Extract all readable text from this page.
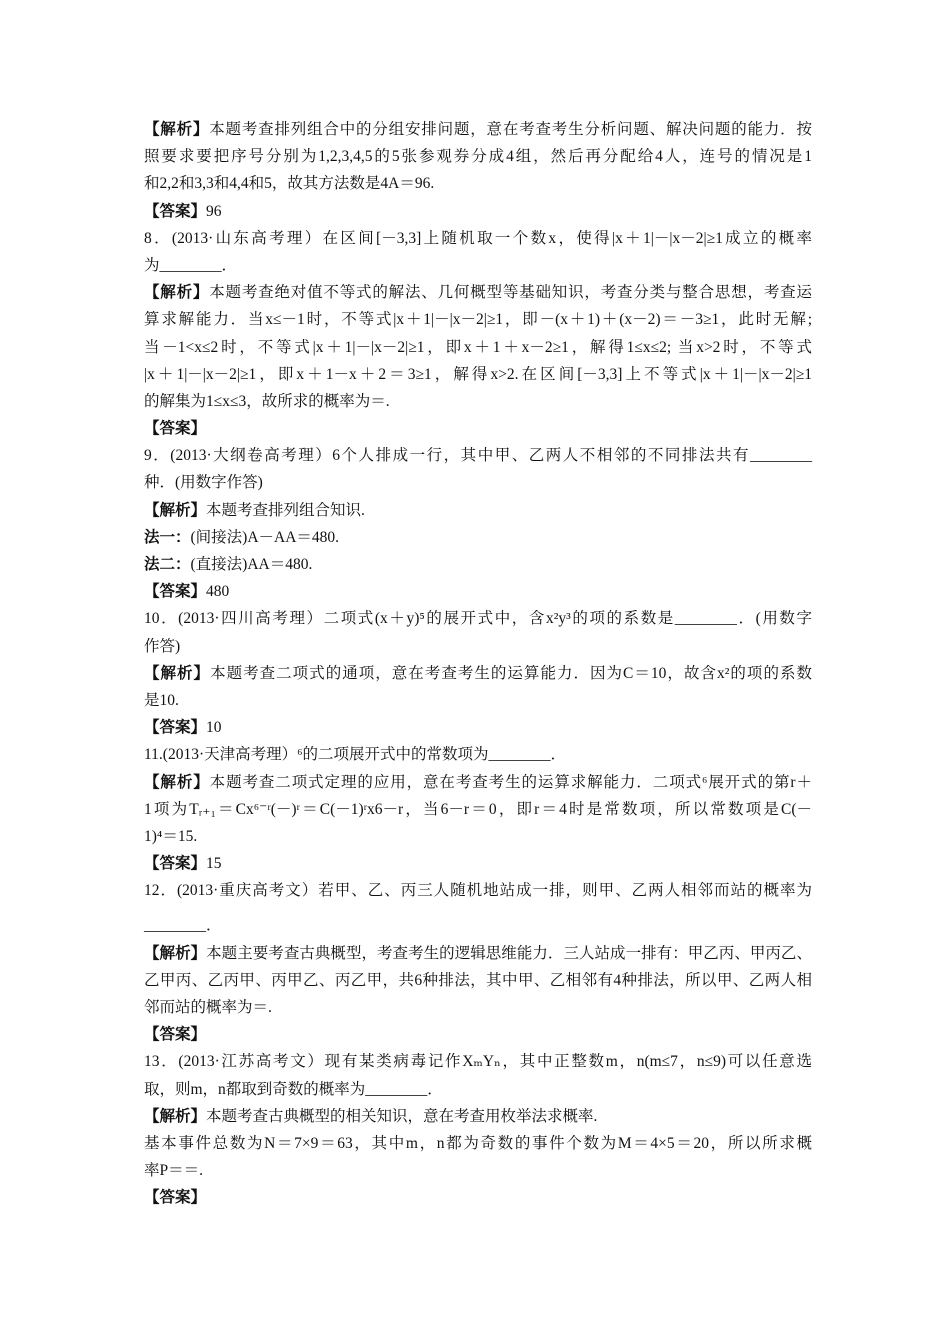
【解析】本题考查排列组合中的分组安排问题，意在考查考生分析问题、解决问题的能力．按
照要求要把序号分别为1,2,3,4,5的5张参观券分成4组，然后再分配给4人，连号的情况是1
和2,2和3,3和4,4和5，故其方法数是4A＝96.
【答案】96
8．(2013·山东高考理）在区间[－3,3]上随机取一个数x，使得|x＋1|－|x－2|≥1成立的概率
为________．
【解析】本题考查绝对值不等式的解法、几何概型等基础知识，考查分类与整合思想，考查运
算求解能力．当x≤－1时，不等式|x＋1|－|x－2|≥1，即－(x＋1)＋(x－2)＝－3≥1，此时无解;
当－1<x≤2时，不等式|x＋1|－|x－2|≥1，即x＋1＋x－2≥1，解得1≤x≤2; 当x>2时，不等式
|x＋1|－|x－2|≥1，即x＋1－x＋2＝3≥1，解得x>2.在区间[－3,3]上不等式|x＋1|－|x－2|≥1
的解集为1≤x≤3，故所求的概率为＝.
【答案】
9．(2013·大纲卷高考理）6个人排成一行，其中甲、乙两人不相邻的不同排法共有________
种．(用数字作答)
【解析】本题考查排列组合知识.
法一：(间接法)A－AA＝480.
法二：(直接法)AA＝480.
【答案】480
10．(2013·四川高考理）二项式(x＋y)⁵的展开式中，含x²y³的项的系数是________．(用数字
作答)
【解析】本题考查二项式的通项，意在考查考生的运算能力．因为C＝10，故含x²的项的系数
是10.
【答案】10
11.(2013·天津高考理）⁶的二项展开式中的常数项为________．
【解析】本题考查二项式定理的应用，意在考查考生的运算求解能力．二项式⁶展开式的第r＋
1项为Tᵣ₊₁＝Cx⁶⁻ʳ(－)ʳ＝C(－1)ʳx6－r，当6－r＝0，即r＝4时是常数项，所以常数项是C(－
1)⁴＝15.
【答案】15
12．(2013·重庆高考文）若甲、乙、丙三人随机地站成一排，则甲、乙两人相邻而站的概率为
________．
【解析】本题主要考查古典概型，考查考生的逻辑思维能力．三人站成一排有：甲乙丙、甲丙乙、
乙甲丙、乙丙甲、丙甲乙、丙乙甲，共6种排法，其中甲、乙相邻有4种排法，所以甲、乙两人相
邻而站的概率为＝.
【答案】
13．(2013·江苏高考文）现有某类病毒记作XₘYₙ，其中正整数m，n(m≤7，n≤9)可以任意选
取，则m，n都取到奇数的概率为________．
【解析】本题考查古典概型的相关知识，意在考查用枚举法求概率.
基本事件总数为N＝7×9＝63，其中m，n都为奇数的事件个数为M＝4×5＝20，所以所求概
率P＝＝.
【答案】
